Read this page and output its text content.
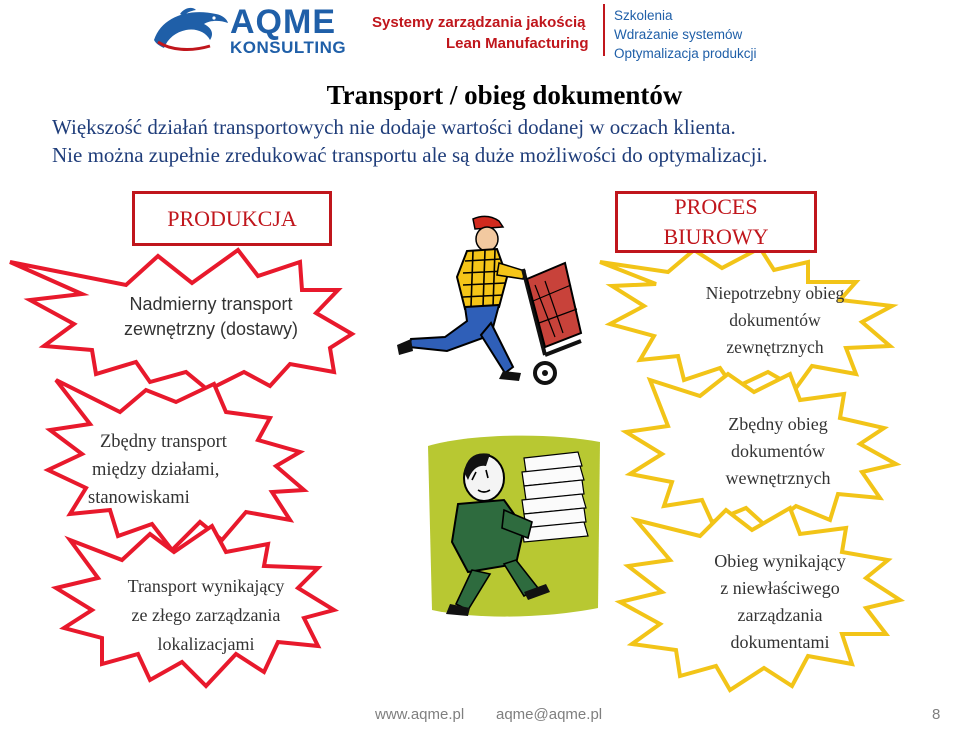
AQME
KONSULTING
Systemy zarządzania jakością
Lean Manufacturing
Szkolenia
Wdrażanie systemów
Optymalizacja produkcji
Transport / obieg dokumentów
Większość działań transportowych nie dodaje wartości dodanej w oczach klienta.
Nie można zupełnie zredukować transportu ale są duże możliwości do optymalizacji.
PRODUKCJA	PROCES
BIUROWY
Nadmierny transport
zewnętrzny (dostawy)
Zbędny transport
między działami,
stanowiskami
Transport wynikający
ze złego zarządzania
lokalizacjami
Niepotrzebny obieg
dokumentów
zewnętrznych
Zbędny obieg
dokumentów
wewnętrznych
Obieg wynikający
z niewłaściwego
zarządzania
dokumentami
www.aqme.pl aqme@aqme.pl	8
